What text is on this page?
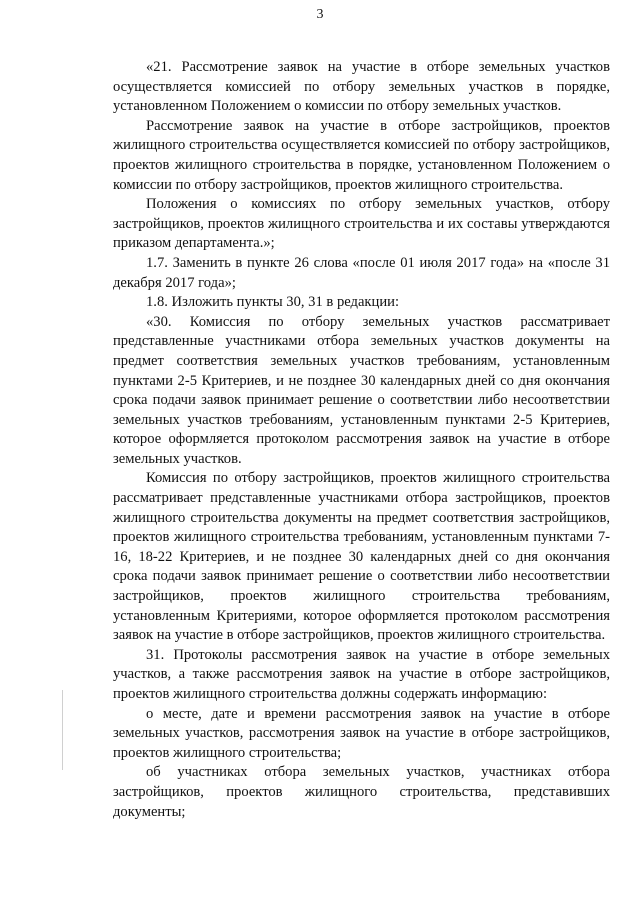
3

«21. Рассмотрение заявок на участие в отборе земельных участков осуществляется комиссией по отбору земельных участков в порядке, установленном Положением о комиссии по отбору земельных участков.

Рассмотрение заявок на участие в отборе застройщиков, проектов жилищного строительства осуществляется комиссией по отбору застройщиков, проектов жилищного строительства в порядке, установленном Положением о комиссии по отбору застройщиков, проектов жилищного строительства.

Положения о комиссиях по отбору земельных участков, отбору застройщиков, проектов жилищного строительства и их составы утверждаются приказом департамента.»;

1.7. Заменить в пункте 26 слова «после 01 июля 2017 года» на «после 31 декабря 2017 года»;

1.8. Изложить пункты 30, 31 в редакции:

«30. Комиссия по отбору земельных участков рассматривает представленные участниками отбора земельных участков документы на предмет соответствия земельных участков требованиям, установленным пунктами 2-5 Критериев, и не позднее 30 календарных дней со дня окончания срока подачи заявок принимает решение о соответствии либо несоответствии земельных участков требованиям, установленным пунктами 2-5 Критериев, которое оформляется протоколом рассмотрения заявок на участие в отборе земельных участков.

Комиссия по отбору застройщиков, проектов жилищного строительства рассматривает представленные участниками отбора застройщиков, проектов жилищного строительства документы на предмет соответствия застройщиков, проектов жилищного строительства требованиям, установленным пунктами 7-16, 18-22 Критериев, и не позднее 30 календарных дней со дня окончания срока подачи заявок принимает решение о соответствии либо несоответствии застройщиков, проектов жилищного строительства требованиям, установленным Критериями, которое оформляется протоколом рассмотрения заявок на участие в отборе застройщиков, проектов жилищного строительства.

31. Протоколы рассмотрения заявок на участие в отборе земельных участков, а также рассмотрения заявок на участие в отборе застройщиков, проектов жилищного строительства должны содержать информацию:

о месте, дате и времени рассмотрения заявок на участие в отборе земельных участков, рассмотрения заявок на участие в отборе застройщиков, проектов жилищного строительства;

об участниках отбора земельных участков, участниках отбора застройщиков, проектов жилищного строительства, представивших документы;
